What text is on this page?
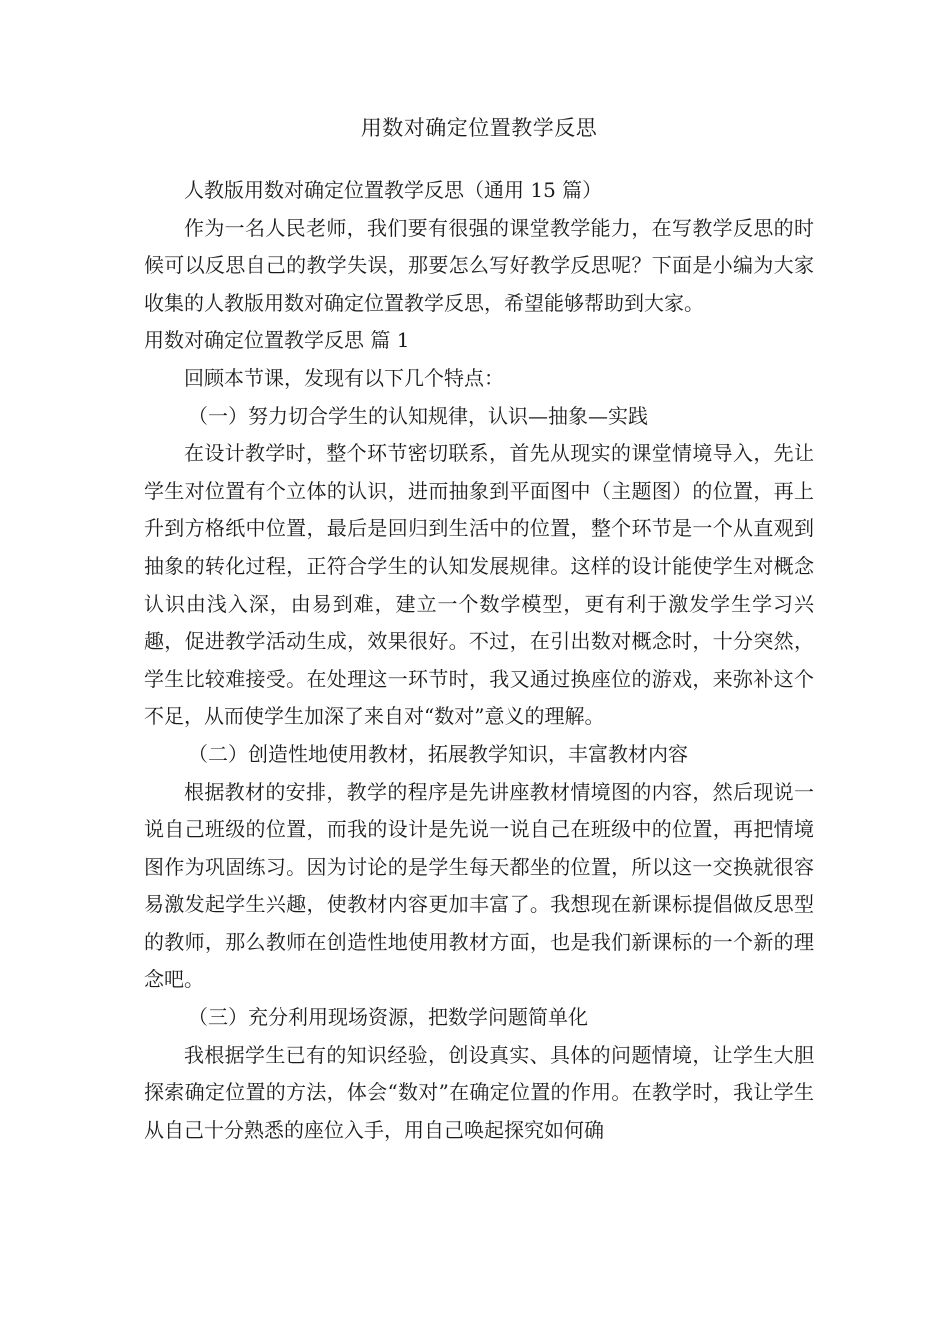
用数对确定位置教学反思

人教版用数对确定位置教学反思（通用 15 篇）

作为一名人民老师，我们要有很强的课堂教学能力，在写教学反思的时候可以反思自己的教学失误，那要怎么写好教学反思呢？下面是小编为大家收集的人教版用数对确定位置教学反思，希望能够帮助到大家。

用数对确定位置教学反思 篇 1

回顾本节课，发现有以下几个特点：

（一）努力切合学生的认知规律，认识—抽象—实践

在设计教学时，整个环节密切联系，首先从现实的课堂情境导入，先让学生对位置有个立体的认识，进而抽象到平面图中（主题图）的位置，再上升到方格纸中位置，最后是回归到生活中的位置，整个环节是一个从直观到抽象的转化过程，正符合学生的认知发展规律。这样的设计能使学生对概念认识由浅入深，由易到难，建立一个数学模型，更有利于激发学生学习兴趣，促进教学活动生成，效果很好。不过，在引出数对概念时，十分突然，学生比较难接受。在处理这一环节时，我又通过换座位的游戏，来弥补这个不足，从而使学生加深了来自对“数对”意义的理解。

（二）创造性地使用教材，拓展教学知识，丰富教材内容

根据教材的安排，教学的程序是先讲座教材情境图的内容，然后现说一说自己班级的位置，而我的设计是先说一说自己在班级中的位置，再把情境图作为巩固练习。因为讨论的是学生每天都坐的位置，所以这一交换就很容易激发起学生兴趣，使教材内容更加丰富了。我想现在新课标提倡做反思型的教师，那么教师在创造性地使用教材方面，也是我们新课标的一个新的理念吧。

（三）充分利用现场资源，把数学问题简单化

我根据学生已有的知识经验，创设真实、具体的问题情境，让学生大胆探索确定位置的方法，体会“数对”在确定位置的作用。在教学时，我让学生从自己十分熟悉的座位入手，用自己唤起探究如何确
